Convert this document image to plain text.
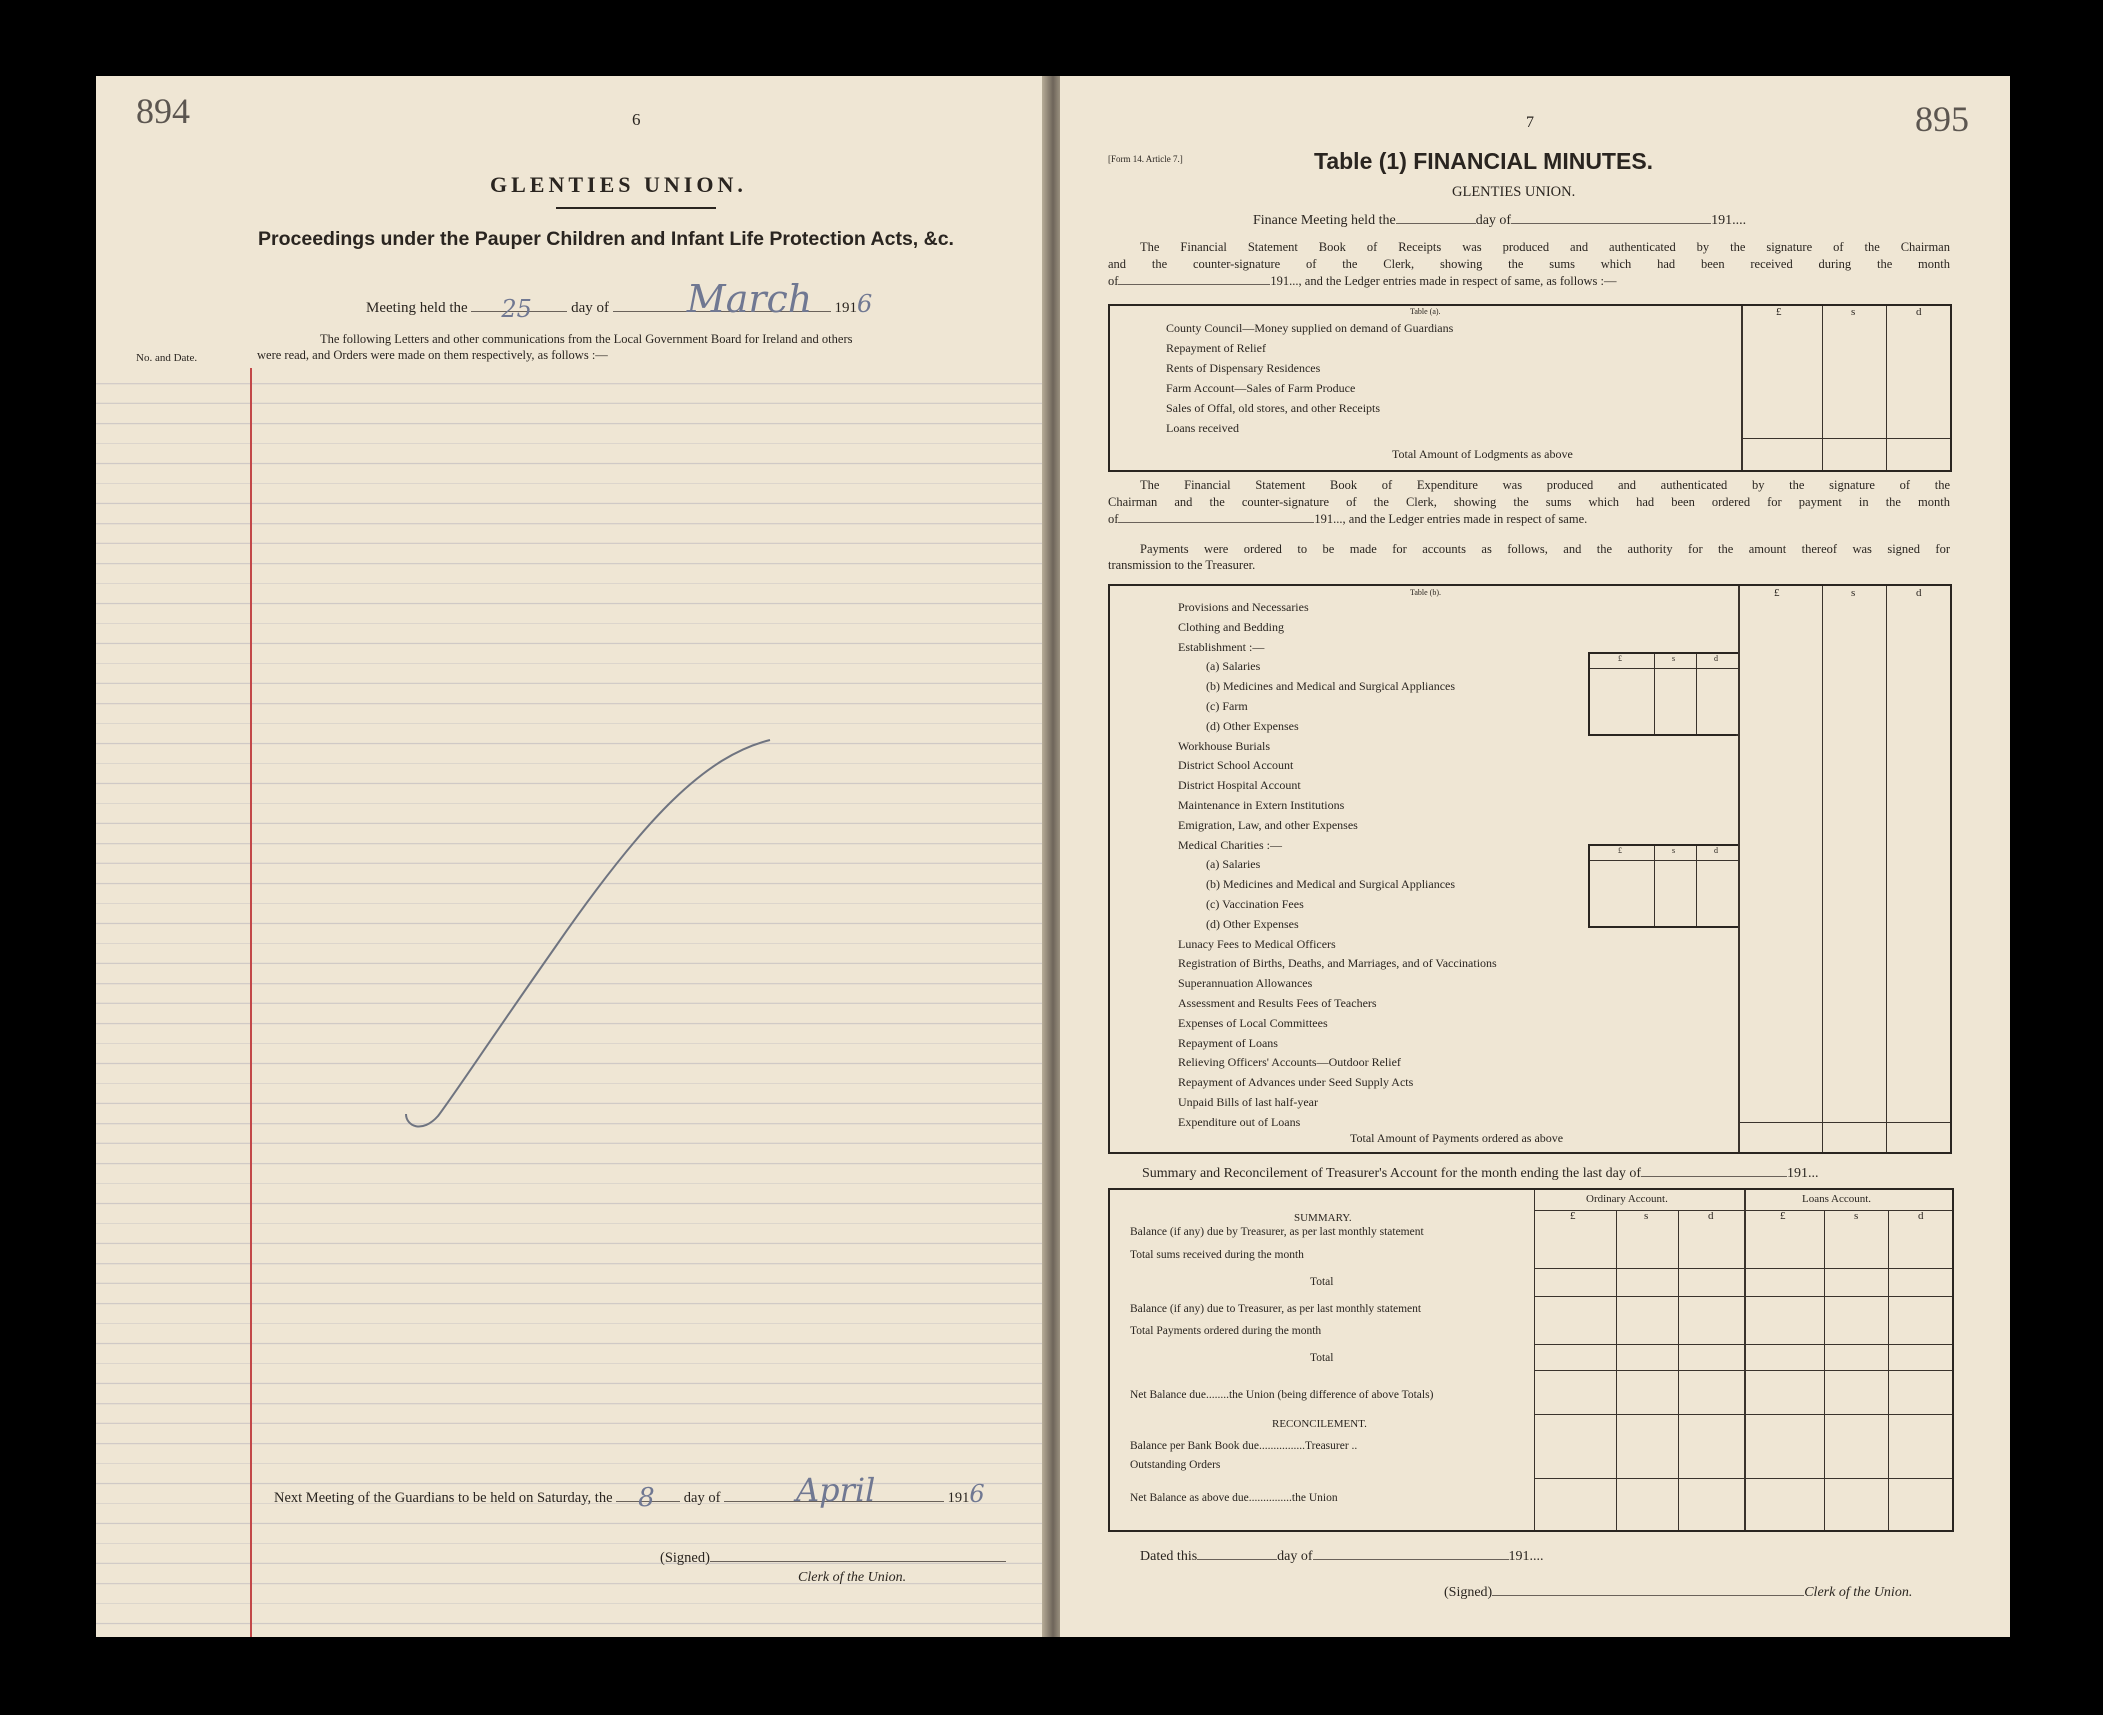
894	6
GLENTIES UNION.
Proceedings under the Pauper Children and Infant Life Protection Acts, &c.
Meeting held the 25	day of March 1916
No. and Date.
The following Letters and other communications from the Local Government Board for Ireland and others
were read, and Orders were made on them respectively, as follows :—
Next Meeting of the Guardians to be held on Saturday, the 8 day of April	1916
(Signed)
Clerk of the Union.
7	895
[Form 14. Article 7.]	Table (1) FINANCIAL MINUTES.
GLENTIES UNION.
Finance Meeting held the	day of	191....
The Financial Statement Book of Receipts was produced and authenticated by the signature of the Chairman
and the counter-signature of the Clerk, showing the sums which had been received during the month
of	191..., and the Ledger entries made in respect of same, as follows :—
Table (a).	£	s	d
County Council—Money supplied on demand of Guardians
Repayment of Relief
Rents of Dispensary Residences
Farm Account—Sales of Farm Produce
Sales of Offal, old stores, and other Receipts
Loans received
Total Amount of Lodgments as above
The Financial Statement Book of Expenditure was produced and authenticated by the signature of the
Chairman and the counter-signature of the Clerk, showing the sums which had been ordered for payment in the month
of	191..., and the Ledger entries made in respect of same.
Payments were ordered to be made for accounts as follows, and the authority for the amount thereof was signed for
transmission to the Treasurer.
Table (b).	£	s	d
£	s	d
£	s	d
Provisions and Necessaries
Clothing and Bedding
Establishment :—
(a) Salaries
(b) Medicines and Medical and Surgical Appliances
(c) Farm
(d) Other Expenses
Workhouse Burials
District School Account
District Hospital Account
Maintenance in Extern Institutions
Emigration, Law, and other Expenses
Medical Charities :—
(a) Salaries
(b) Medicines and Medical and Surgical Appliances
(c) Vaccination Fees
(d) Other Expenses
Lunacy Fees to Medical Officers
Registration of Births, Deaths, and Marriages, and of Vaccinations
Superannuation Allowances
Assessment and Results Fees of Teachers
Expenses of Local Committees
Repayment of Loans
Relieving Officers' Accounts—Outdoor Relief
Repayment of Advances under Seed Supply Acts
Unpaid Bills of last half-year
Expenditure out of Loans
Total Amount of Payments ordered as above
Summary and Reconcilement of Treasurer's Account for the month ending the last day of	191...
Ordinary Account.	Loans Account.
£	s	d	£	s	d
SUMMARY.
Balance (if any) due by Treasurer, as per last monthly statement
Total sums received during the month
Total
Balance (if any) due to Treasurer, as per last monthly statement
Total Payments ordered during the month
Total
Net Balance due........the Union (being difference of above Totals)
RECONCILEMENT.
Balance per Bank Book due................Treasurer ..
Outstanding Orders
Net Balance as above due...............the Union
Dated this	day of	191....
(Signed)	Clerk of the Union.
